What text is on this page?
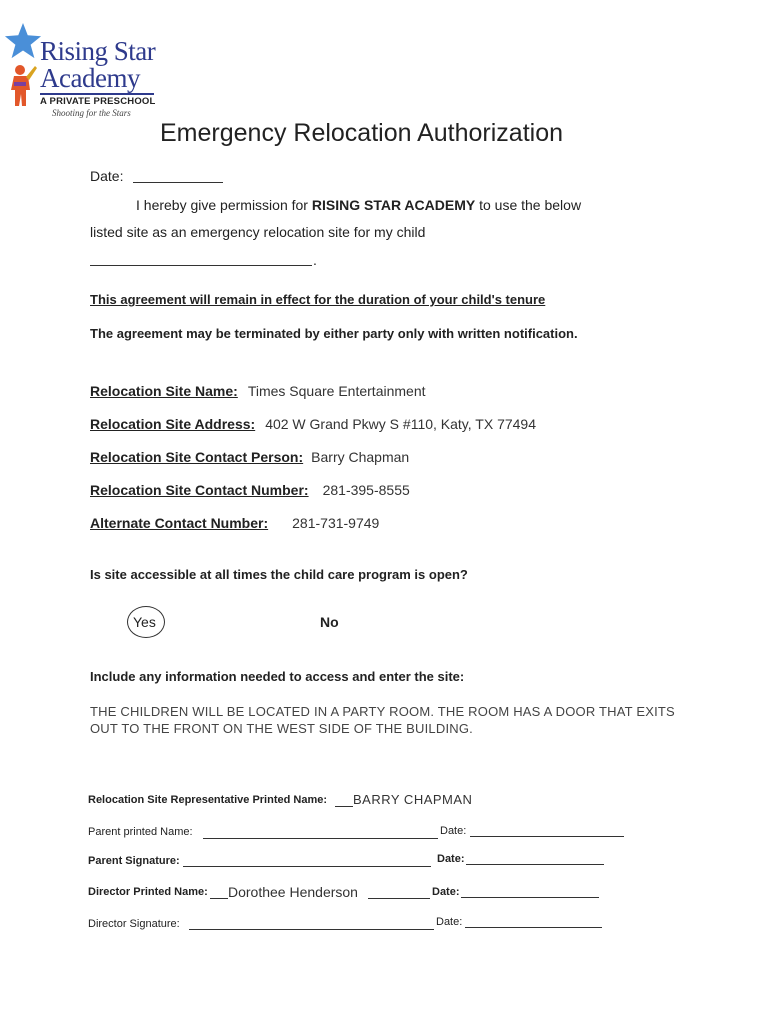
Rising Star
Academy
A PRIVATE PRESCHOOL
Shooting for the Stars
Emergency Relocation Authorization
Date:
I hereby give permission for RISING STAR ACADEMY to use the below
listed site as an emergency relocation site for my child
.
This agreement will remain in effect for the duration of your child's tenure
The agreement may be terminated by either party only with written notification.
Relocation Site Name: Times Square Entertainment
Relocation Site Address: 402 W Grand Pkwy S #110, Katy, TX 77494
Relocation Site Contact Person: Barry Chapman
Relocation Site Contact Number: 281-395-8555
Alternate Contact Number: 281-731-9749
Is site accessible at all times the child care program is open?
Yes	No
Include any information needed to access and enter the site:
THE CHILDREN WILL BE LOCATED IN A PARTY ROOM. THE ROOM HAS A DOOR THAT EXITS
OUT TO THE FRONT ON THE WEST SIDE OF THE BUILDING.
Relocation Site Representative Printed Name: BARRY CHAPMAN
Parent printed Name:	Date:
Parent Signature:	Date:
Director Printed Name: Dorothee Henderson	Date:
Director Signature:	Date:
